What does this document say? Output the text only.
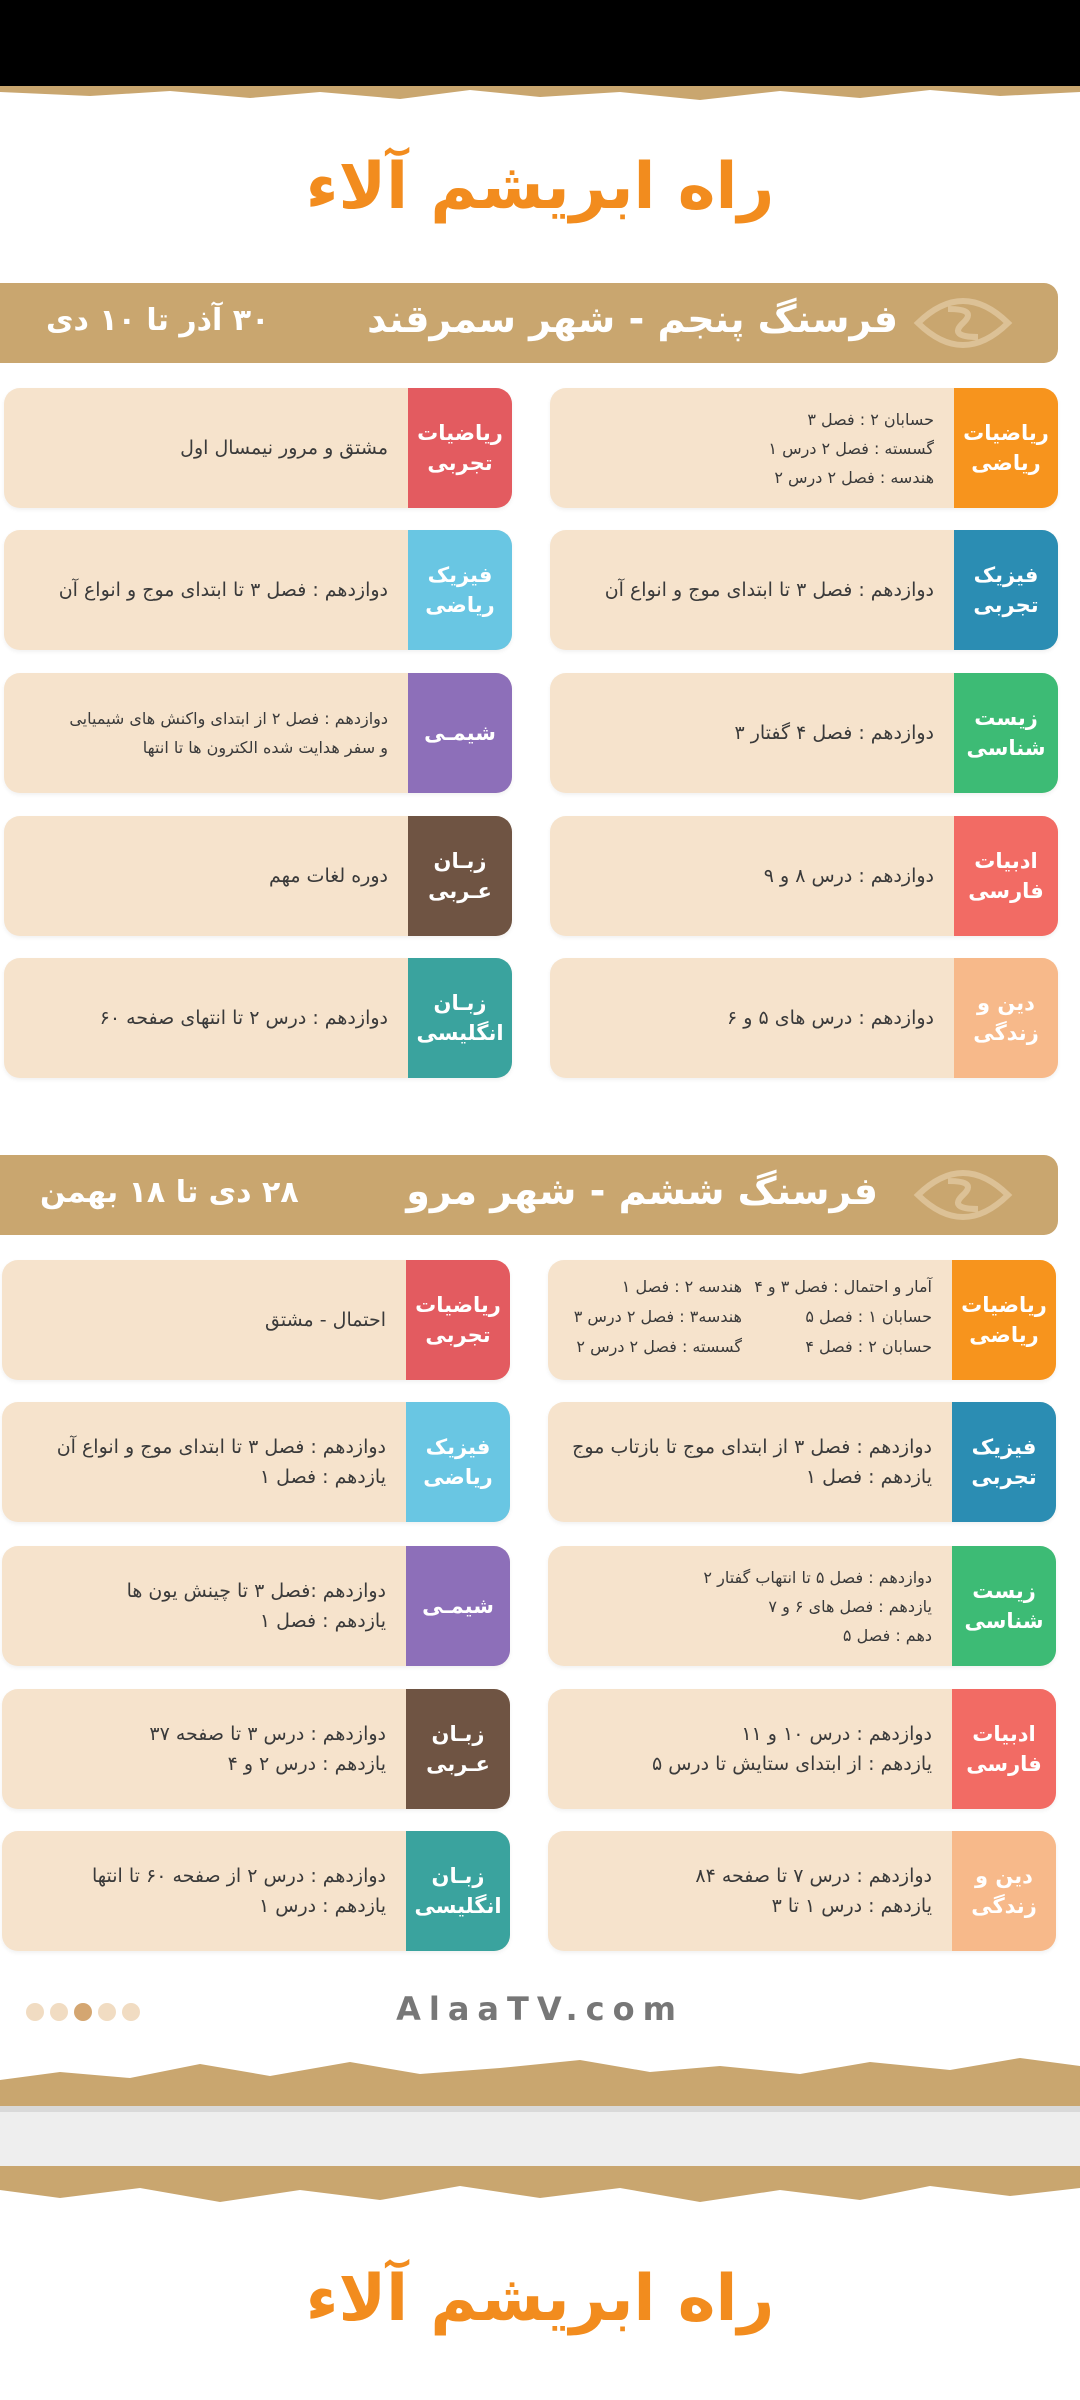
راه ابریشم آلاء
فرسنگ پنجم - شهر سمرقند
۳۰ آذر تا ۱۰ دی
ریاضیات
ریاضی
حسابان ۲ : فصل ۳
گسسته : فصل ۲ درس ۱
هندسه : فصل ۲ درس ۲
فیزیک
تجربی
دوازدهم : فصل ۳ تا ابتدای موج و انواع آن
زیست
شناسی
دوازدهم : فصل ۴ گفتار ۳
ادبیات
فارسی
دوازدهم : درس ۸ و ۹
دین و
زندگی
دوازدهم : درس های ۵ و ۶
ریاضیات
تجربی
مشتق و مرور نیمسال اول
فیزیک
ریاضی
دوازدهم : فصل ۳ تا ابتدای موج و انواع آن
شیمـی
دوازدهم : فصل ۲ از ابتدای واکنش های شیمیایی
و سفر هدایت شده الکترون ها تا انتها
زبـان
عـربی
دوره لغات مهم
زبـان
انگلیسی
دوازدهم : درس ۲ تا انتهای صفحه ۶۰
فرسنگ ششم - شهر مرو
۲۸ دی تا ۱۸ بهمن
ریاضیات
ریاضی
آمار و احتمال : فصل ۳ و ۴
حسابان ۱ : فصل ۵
حسابان ۲ : فصل ۴
هندسه ۲ : فصل ۱
هندسه۳ : فصل ۲ درس ۳
گسسته : فصل ۲ درس ۲
فیزیک
تجربی
دوازدهم : فصل ۳ از ابتدای موج تا بازتاب موج
یازدهم : فصل ۱
زیست
شناسی
دوازدهم : فصل ۵ تا انتهاب گفتار ۲
یازدهم : فصل های ۶ و ۷
دهم : فصل ۵
ادبیات
فارسی
دوازدهم : درس ۱۰ و ۱۱
یازدهم : از ابتدای ستایش تا درس ۵
دین و
زندگی
دوازدهم : درس ۷ تا صفحه ۸۴
یازدهم : درس ۱ تا ۳
ریاضیات
تجربی
احتمال - مشتق
فیزیک
ریاضی
دوازدهم : فصل ۳ تا ابتدای موج و انواع آن
یازدهم : فصل ۱
شیمـی
دوازدهم :فصل ۳ تا چینش یون ها
یازدهم : فصل ۱
زبـان
عـربی
دوازدهم : درس ۳ تا صفحه ۳۷
یازدهم : درس ۲ و ۴
زبـان
انگلیسی
دوازدهم : درس ۲ از صفحه ۶۰ تا انتها
یازدهم : درس ۱
AlaaTV.com
راه ابریشم آلاء
